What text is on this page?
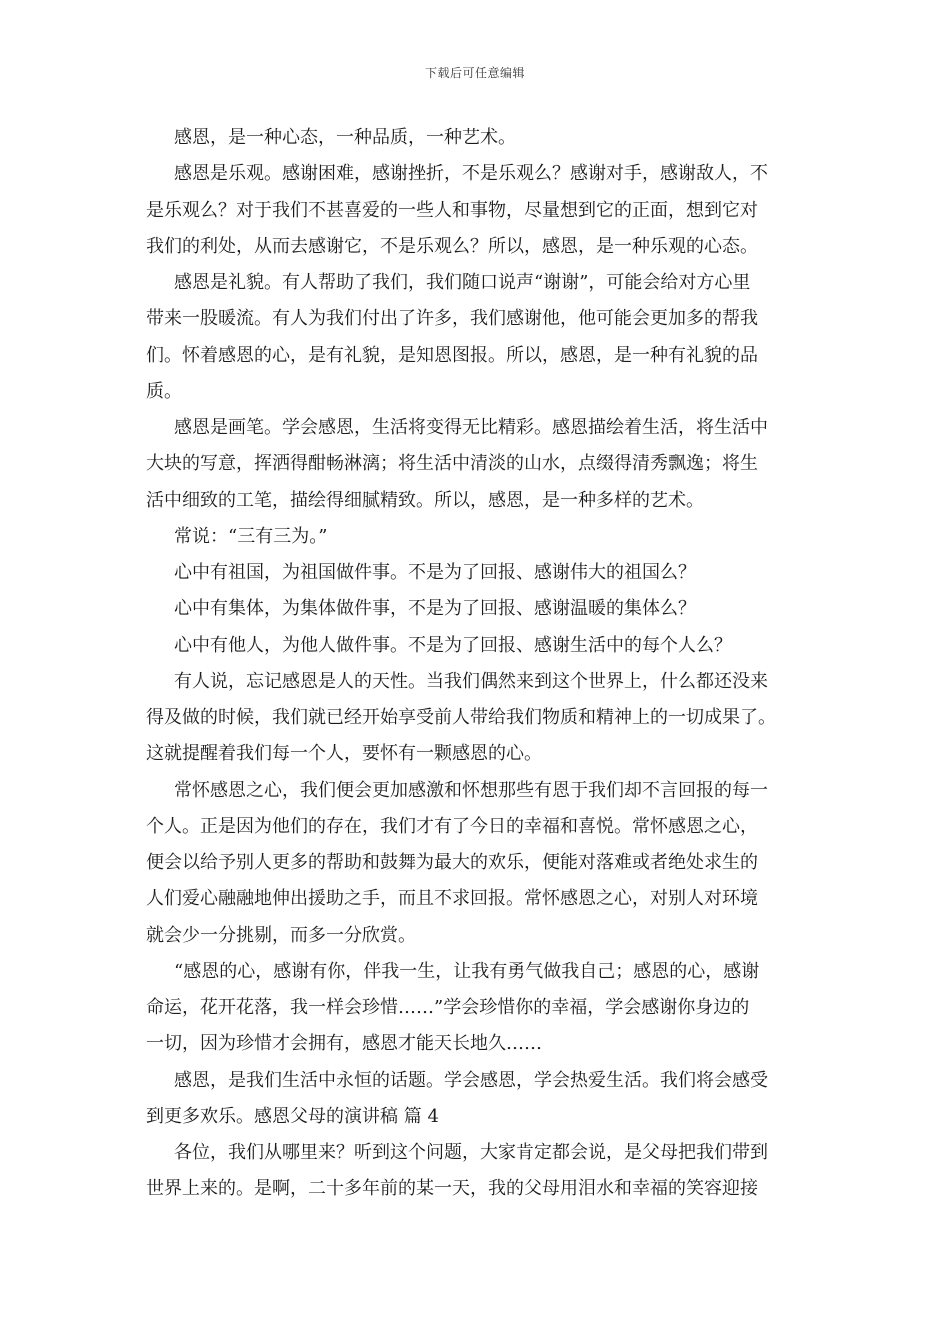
下载后可任意编辑
感恩，是一种心态，一种品质，一种艺术。
感恩是乐观。感谢困难，感谢挫折，不是乐观么？感谢对手，感谢敌人，不
是乐观么？对于我们不甚喜爱的一些人和事物，尽量想到它的正面，想到它对
我们的利处，从而去感谢它，不是乐观么？所以，感恩，是一种乐观的心态。
感恩是礼貌。有人帮助了我们，我们随口说声“谢谢”，可能会给对方心里
带来一股暖流。有人为我们付出了许多，我们感谢他，他可能会更加多的帮我
们。怀着感恩的心，是有礼貌，是知恩图报。所以，感恩，是一种有礼貌的品
质。
感恩是画笔。学会感恩，生活将变得无比精彩。感恩描绘着生活，将生活中
大块的写意，挥洒得酣畅淋漓；将生活中清淡的山水，点缀得清秀飘逸；将生
活中细致的工笔，描绘得细腻精致。所以，感恩，是一种多样的艺术。
常说：“三有三为。”
心中有祖国，为祖国做件事。不是为了回报、感谢伟大的祖国么？
心中有集体，为集体做件事，不是为了回报、感谢温暖的集体么？
心中有他人，为他人做件事。不是为了回报、感谢生活中的每个人么？
有人说，忘记感恩是人的天性。当我们偶然来到这个世界上，什么都还没来
得及做的时候，我们就已经开始享受前人带给我们物质和精神上的一切成果了。
这就提醒着我们每一个人，要怀有一颗感恩的心。
常怀感恩之心，我们便会更加感激和怀想那些有恩于我们却不言回报的每一
个人。正是因为他们的存在，我们才有了今日的幸福和喜悦。常怀感恩之心，
便会以给予别人更多的帮助和鼓舞为最大的欢乐，便能对落难或者绝处求生的
人们爱心融融地伸出援助之手，而且不求回报。常怀感恩之心，对别人对环境
就会少一分挑剔，而多一分欣赏。
“感恩的心，感谢有你，伴我一生，让我有勇气做我自己；感恩的心，感谢
命运，花开花落，我一样会珍惜……”学会珍惜你的幸福，学会感谢你身边的
一切，因为珍惜才会拥有，感恩才能天长地久……
感恩，是我们生活中永恒的话题。学会感恩，学会热爱生活。我们将会感受
到更多欢乐。感恩父母的演讲稿 篇 4
各位，我们从哪里来？听到这个问题，大家肯定都会说，是父母把我们带到
世界上来的。是啊，二十多年前的某一天，我的父母用泪水和幸福的笑容迎接
